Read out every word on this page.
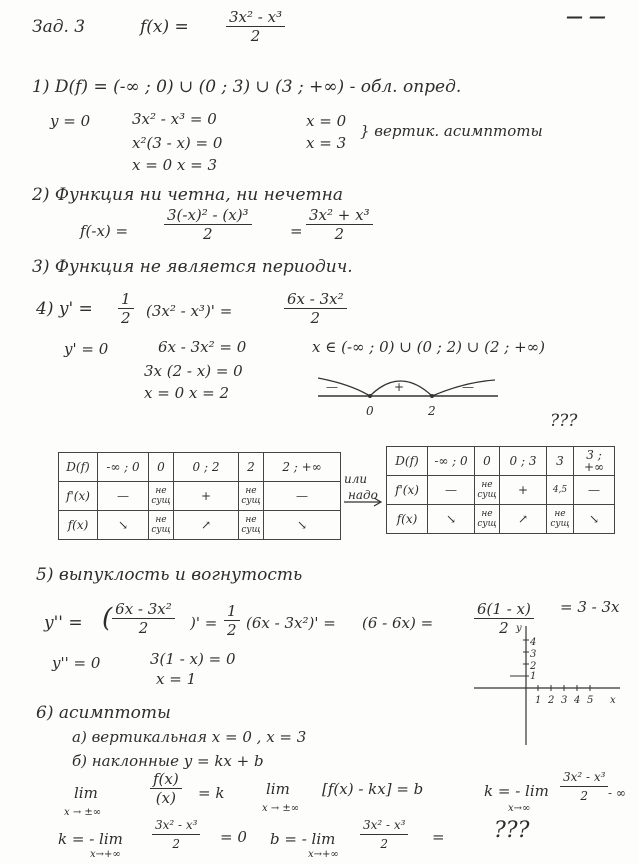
Зад. 3	$f(x) = \frac{\text{3x² - x³}}{2}$	— —
1) D(f) = (-∞ ; 0) ∪ (0 ; 3) ∪ (3 ; +∞) - обл. опред.
y = 0	3x² - x³ = 0
x²(3 - x) = 0
x = 0 x = 3
x = 0
x = 3
} вертик. асимптоты
2) Функция ни четна, ни нечетна
$f(-x) = \frac{\text{3(-x)² - (x)³}}{2}$	= $\frac{\text{3x² + x³}}{2}$
3) Функция не является периодич.
4) $y' = \frac{1}{2} (3x^2 - x^3)'$ =	$\frac{\text{6x - 3x²}}{2}$
y' = 0	6x - 3x² = 0
3x (2 - x) = 0
x = 0 x = 2
x ∈ (-∞ ; 0) ∪ (0 ; 2) ∪ (2 ; +∞)
—	+	—
0	2	???
D(f)	-∞ ; 0	0	0 ; 2	2	2 ; +∞
f'(x)	—	не сущ	+	не сущ	—
f(x)	↘	не сущ	↗	не сущ	↘
или
надо
D(f)	-∞ ; 0	0	0 ; 3	3	3 ; +∞
f'(x)	—	не сущ	+	4,5	—
f(x)	↘	не сущ	↗	не сущ	↘
5) выпуклость и вогнутость
y'' = ( $\frac{\text{6x - 3x²}}{2}$ )' = $\frac{1}{2} (6x - 3x^2)' = (6 - 6x)$ =	$\frac{6(1 - x)}{2} = 3 - 3x$
y'' = 0	3(1 - x) = 0
x = 1
4
3
2
1
y
1 2 3 4 5 x
6) асимптоты
а) вертикальная x = 0 , x = 3
б) наклонные y = kx + b
lim
x → ±∞
$\frac{f(x)}{(x)} = k$	lim
x → ±∞
[f(x) - kx] = b	k = - lim
x→∞
$\frac{\text{3x² - x³}}{2}$ - ∞
k = - lim
x→+∞
$\frac{\text{3x² - x³}}{2} = 0$ b = - lim
x→+∞
$\frac{\text{3x² - x³}}{2}$ = ???
